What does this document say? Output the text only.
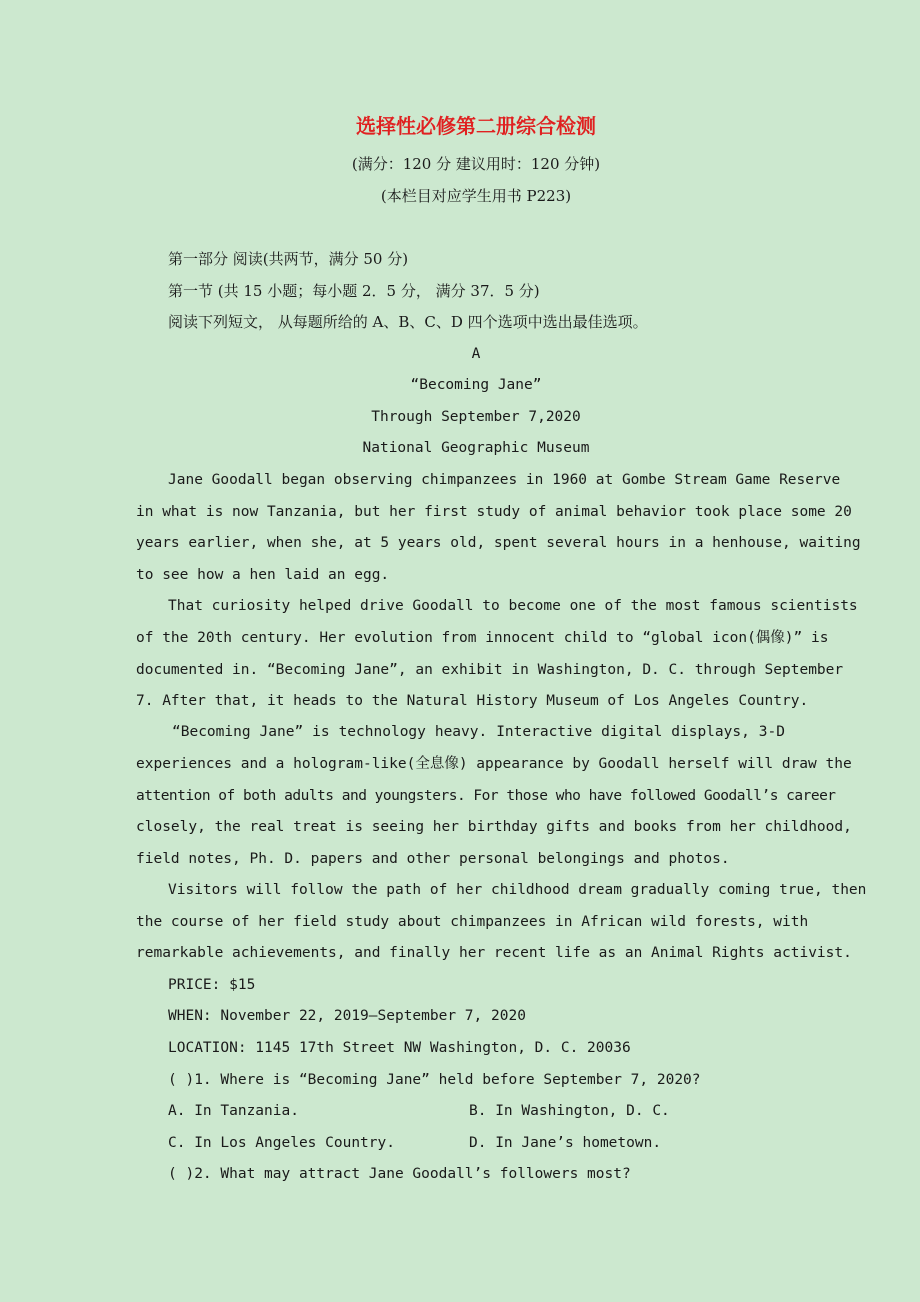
选择性必修第二册综合检测
(满分：120 分 建议用时：120 分钟)
(本栏目对应学生用书 P223)
第一部分 阅读(共两节，满分 50 分)
第一节 (共 15 小题；每小题 2．5 分， 满分 37．5 分)
阅读下列短文， 从每题所给的 A、B、C、D 四个选项中选出最佳选项。
A
“Becoming Jane”
Through September 7,2020
National Geographic Museum
Jane Goodall began observing chimpanzees in 1960 at Gombe Stream Game Reserve
in what is now Tanzania, but her first study of animal behavior took place some 20
years earlier, when she, at 5 years old, spent several hours in a henhouse, waiting
to see how a hen laid an egg.
That curiosity helped drive Goodall to become one of the most famous scientists
of the 20th century. Her evolution from innocent child to “global icon(偶像)” is
documented in. “Becoming Jane”, an exhibit in Washington, D. C. through September
7. After that, it heads to the Natural History Museum of Los Angeles Country.
“Becoming Jane” is technology heavy. Interactive digital displays, 3-D
experiences and a hologram-like(全息像) appearance by Goodall herself will draw the
attention of both adults and youngsters. For those who have followed Goodall’s career
closely, the real treat is seeing her birthday gifts and books from her childhood,
field notes, Ph. D. papers and other personal belongings and photos.
Visitors will follow the path of her childhood dream gradually coming true, then
the course of her field study about chimpanzees in African wild forests, with
remarkable achievements, and finally her recent life as an Animal Rights activist.
PRICE: $15
WHEN: November 22, 2019—September 7, 2020
LOCATION: 1145 17th Street NW Washington, D. C. 20036
( )1. Where is “Becoming Jane” held before September 7, 2020?
A. In Tanzania.	B. In Washington, D. C.
C. In Los Angeles Country.	D. In Jane’s hometown.
( )2. What may attract Jane Goodall’s followers most?
